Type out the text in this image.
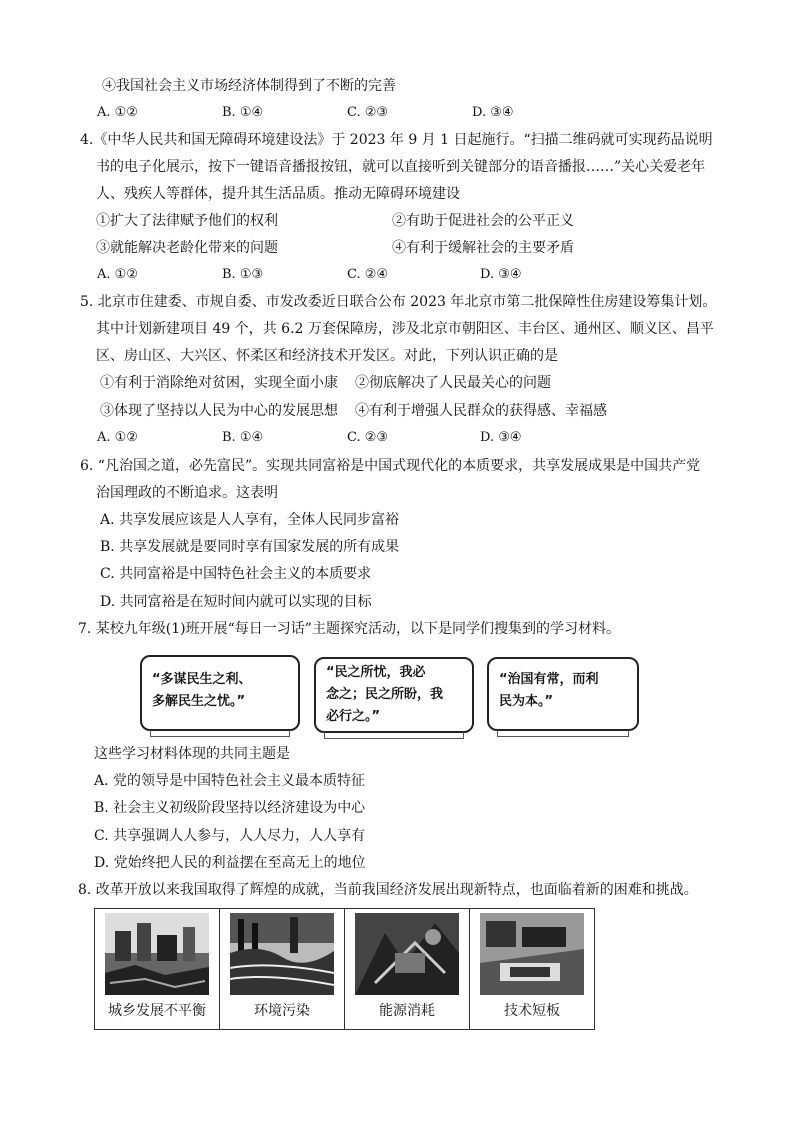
④我国社会主义市场经济体制得到了不断的完善
A. ①②	B. ①④	C. ②③	D. ③④
4.《中华人民共和国无障碍环境建设法》于 2023 年 9 月 1 日起施行。“扫描二维码就可实现药品说明
书的电子化展示，按下一键语音播报按钮，就可以直接听到关键部分的语音播报……”关心关爱老年
人、残疾人等群体，提升其生活品质。推动无障碍环境建设
①扩大了法律赋予他们的权利	②有助于促进社会的公平正义
③就能解决老龄化带来的问题	④有利于缓解社会的主要矛盾
A. ①②	B. ①③	C. ②④	D. ③④
5. 北京市住建委、市规自委、市发改委近日联合公布 2023 年北京市第二批保障性住房建设筹集计划。
其中计划新建项目 49 个，共 6.2 万套保障房，涉及北京市朝阳区、丰台区、通州区、顺义区、昌平
区、房山区、大兴区、怀柔区和经济技术开发区。对此，下列认识正确的是
①有利于消除绝对贫困，实现全面小康 ②彻底解决了人民最关心的问题
③体现了坚持以人民为中心的发展思想 ④有利于增强人民群众的获得感、幸福感
A. ①②	B. ①④	C. ②③	D. ③④
6. “凡治国之道，必先富民”。实现共同富裕是中国式现代化的本质要求，共享发展成果是中国共产党
治国理政的不断追求。这表明
A. 共享发展应该是人人享有，全体人民同步富裕
B. 共享发展就是要同时享有国家发展的所有成果
C. 共同富裕是中国特色社会主义的本质要求
D. 共同富裕是在短时间内就可以实现的目标
7. 某校九年级(1)班开展“每日一习话”主题探究活动，以下是同学们搜集到的学习材料。
“多谋民生之利、
多解民生之忧。”
“民之所忧，我必
念之；民之所盼，我
必行之。”
“治国有常，而利
民为本。”
这些学习材料体现的共同主题是
A. 党的领导是中国特色社会主义最本质特征
B. 社会主义初级阶段坚持以经济建设为中心
C. 共享强调人人参与，人人尽力，人人享有
D. 党始终把人民的利益摆在至高无上的地位
8. 改革开放以来我国取得了辉煌的成就，当前我国经济发展出现新特点，也面临着新的困难和挑战。
城乡发展不平衡	环境污染	能源消耗	技术短板
